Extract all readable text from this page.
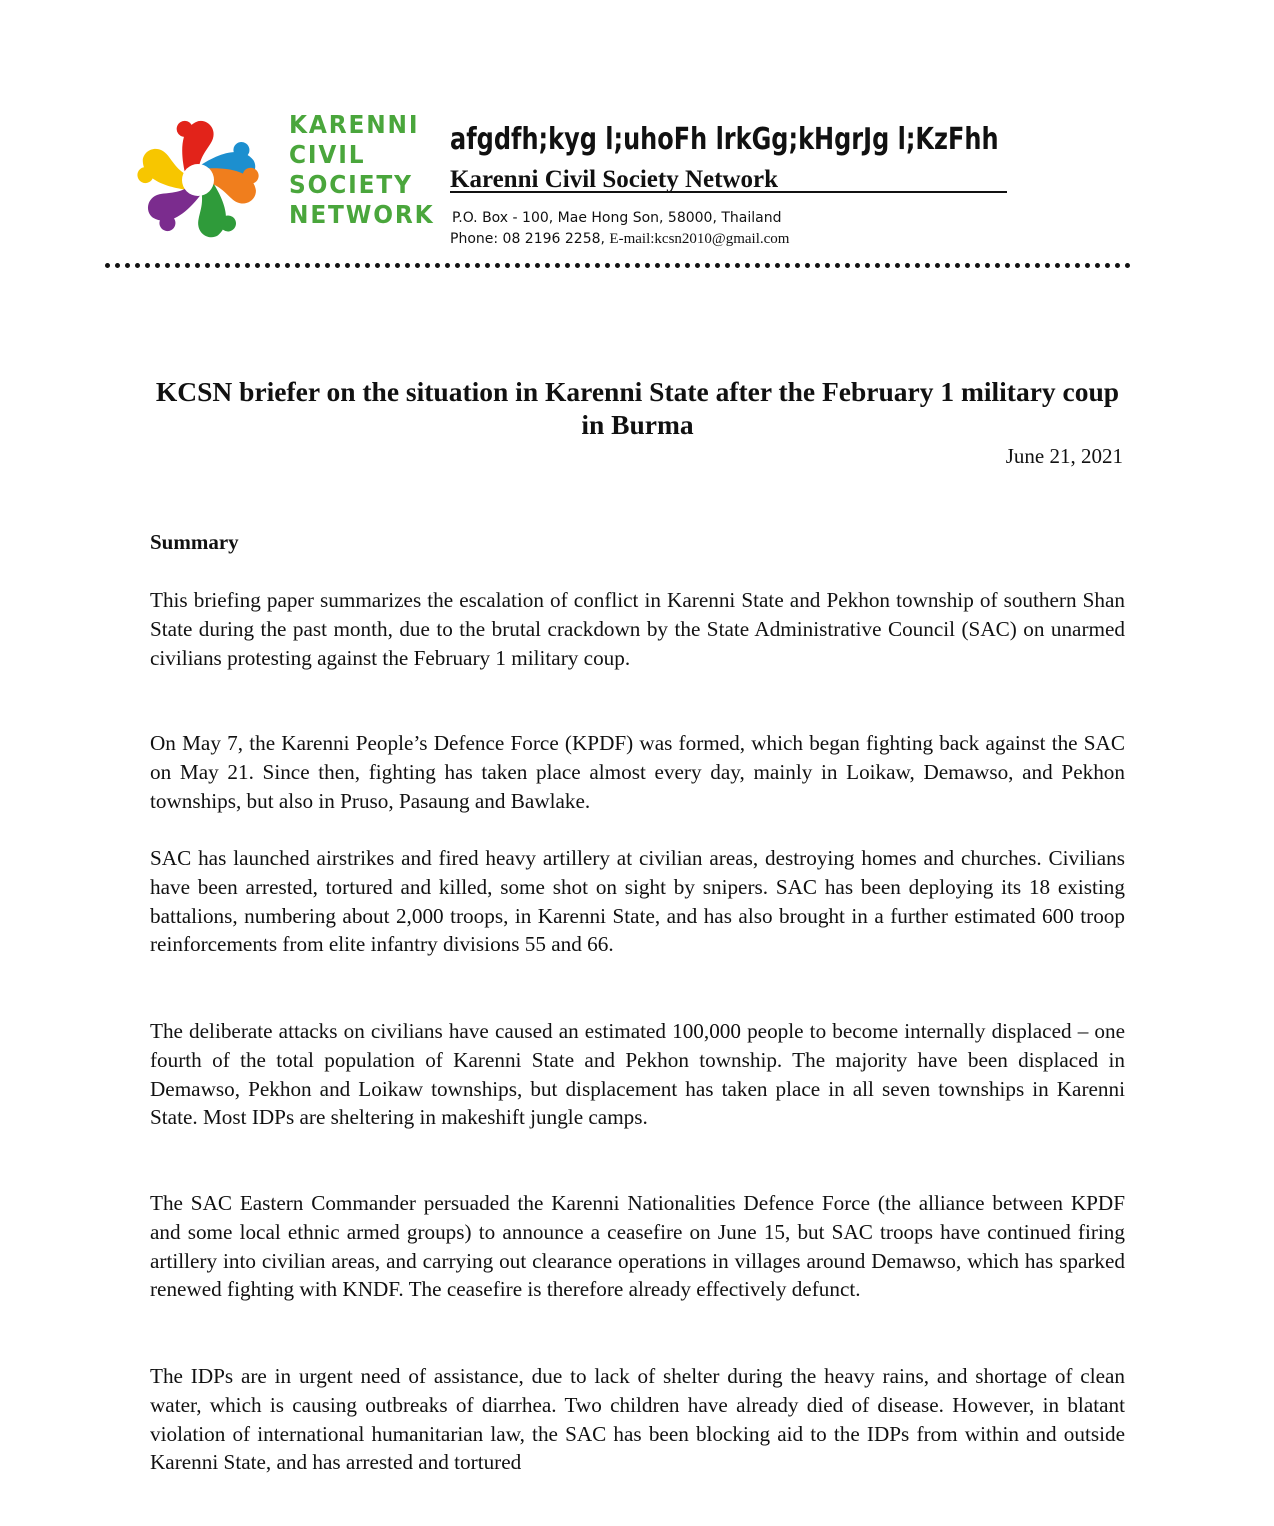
KARENNI
CIVIL
SOCIETY
NETWORK
afgdfh;kyg l;uhoFh lrkGg;kHgrJg l;KzFhh
Karenni Civil Society Network
P.O. Box - 100, Mae Hong Son, 58000, Thailand
Phone: 08 2196 2258, E-mail:kcsn2010@gmail.com
KCSN briefer on the situation in Karenni State after the February 1 military coup in Burma
June 21, 2021
Summary

This briefing paper summarizes the escalation of conflict in Karenni State and Pekhon township of southern Shan State during the past month, due to the brutal crackdown by the State Administrative Council (SAC) on unarmed civilians protesting against the February 1 military coup.

On May 7, the Karenni People’s Defence Force (KPDF) was formed, which began fighting back against the SAC on May 21. Since then, fighting has taken place almost every day, mainly in Loikaw, Demawso, and Pekhon townships, but also in Pruso, Pasaung and Bawlake.

SAC has launched airstrikes and fired heavy artillery at civilian areas, destroying homes and churches. Civilians have been arrested, tortured and killed, some shot on sight by snipers. SAC has been deploying its 18 existing battalions, numbering about 2,000 troops, in Karenni State, and has also brought in a further estimated 600 troop reinforcements from elite infantry divisions 55 and 66.

The deliberate attacks on civilians have caused an estimated 100,000 people to become internally displaced – one fourth of the total population of Karenni State and Pekhon township. The majority have been displaced in Demawso, Pekhon and Loikaw townships, but displacement has taken place in all seven townships in Karenni State. Most IDPs are sheltering in makeshift jungle camps.

The SAC Eastern Commander persuaded the Karenni Nationalities Defence Force (the alliance between KPDF and some local ethnic armed groups) to announce a ceasefire on June 15, but SAC troops have continued firing artillery into civilian areas, and carrying out clearance operations in villages around Demawso, which has sparked renewed fighting with KNDF. The ceasefire is therefore already effectively defunct.

The IDPs are in urgent need of assistance, due to lack of shelter during the heavy rains, and shortage of clean water, which is causing outbreaks of diarrhea. Two children have already died of disease. However, in blatant violation of international humanitarian law, the SAC has been blocking aid to the IDPs from within and outside Karenni State, and has arrested and tortured
